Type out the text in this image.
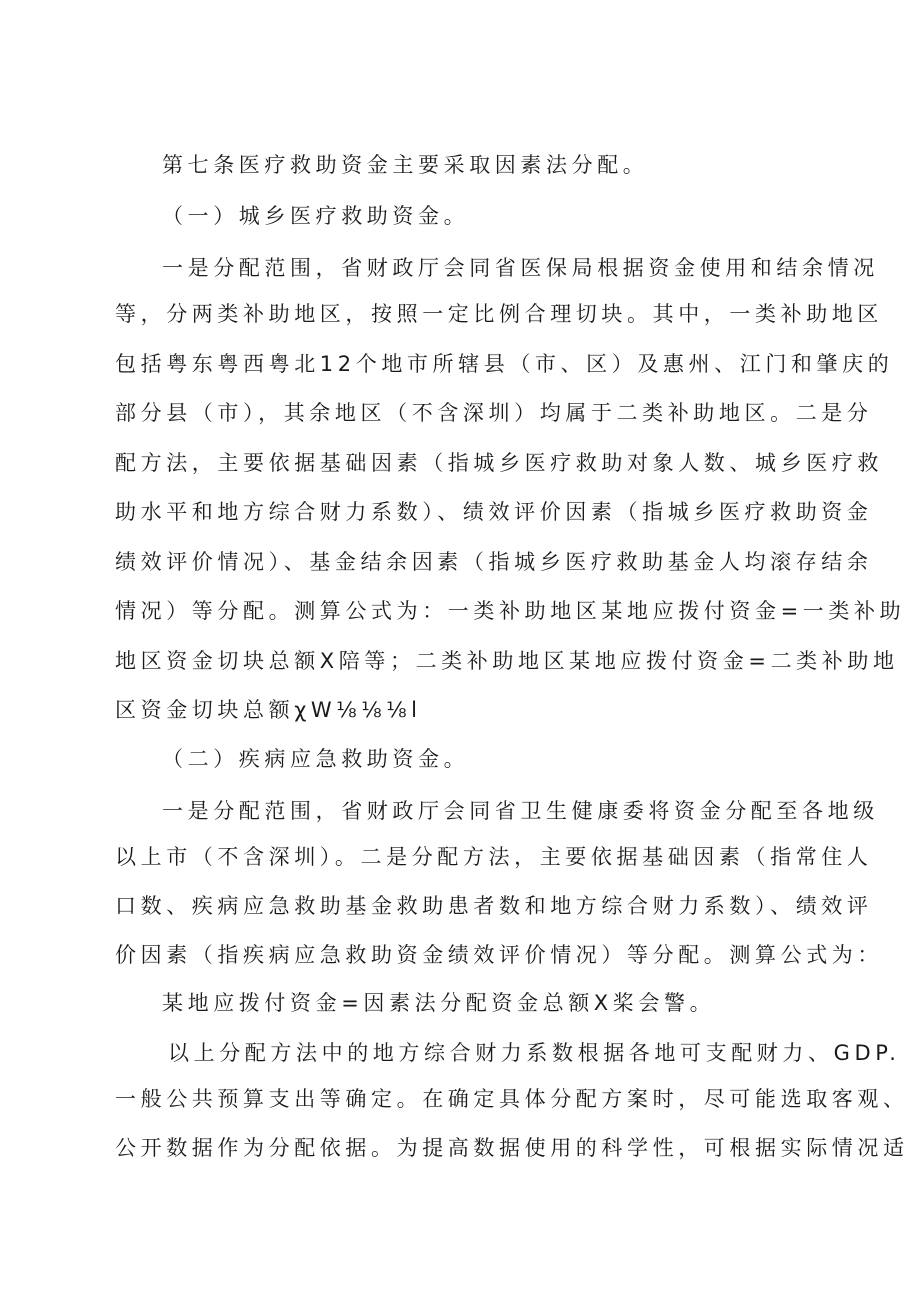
第七条医疗救助资金主要采取因素法分配。
（一）城乡医疗救助资金。
一是分配范围，省财政厅会同省医保局根据资金使用和结余情况
等，分两类补助地区，按照一定比例合理切块。其中，一类补助地区
包括粤东粤西粤北12个地市所辖县（市、区）及惠州、江门和肇庆的
部分县（市），其余地区（不含深圳）均属于二类补助地区。二是分
配方法，主要依据基础因素（指城乡医疗救助对象人数、城乡医疗救
助水平和地方综合财力系数）、绩效评价因素（指城乡医疗救助资金
绩效评价情况）、基金结余因素（指城乡医疗救助基金人均滚存结余
情况）等分配。测算公式为：一类补助地区某地应拨付资金=一类补助
地区资金切块总额X陪等；二类补助地区某地应拨付资金=二类补助地
区资金切块总额χW⅛⅛⅛l
（二）疾病应急救助资金。
一是分配范围，省财政厅会同省卫生健康委将资金分配至各地级
以上市（不含深圳）。二是分配方法，主要依据基础因素（指常住人
口数、疾病应急救助基金救助患者数和地方综合财力系数）、绩效评
价因素（指疾病应急救助资金绩效评价情况）等分配。测算公式为：
某地应拨付资金=因素法分配资金总额X桨会警。
以上分配方法中的地方综合财力系数根据各地可支配财力、GDP.
一般公共预算支出等确定。在确定具体分配方案时，尽可能选取客观、
公开数据作为分配依据。为提高数据使用的科学性，可根据实际情况适
